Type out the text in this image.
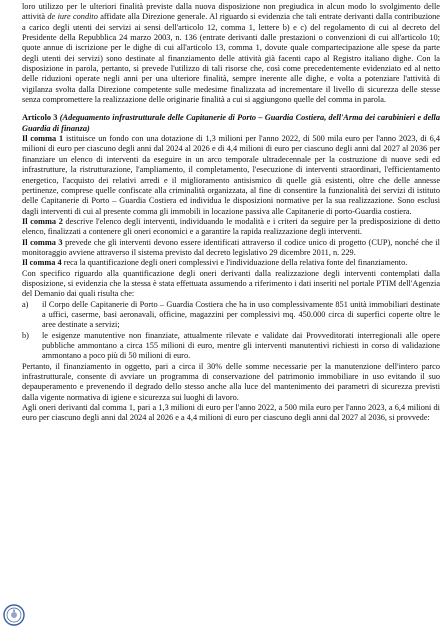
loro utilizzo per le ulteriori finalità previste dalla nuova disposizione non pregiudica in alcun modo lo svolgimento delle attività de iure condito affidate alla Direzione generale. Al riguardo si evidenzia che tali entrate derivanti dalla contribuzione a carico degli utenti dei servizi ai sensi dell'articolo 12, comma 1, lettere b) e c) del regolamento di cui al decreto del Presidente della Repubblica 24 marzo 2003, n. 136 (entrate derivanti dalle prestazioni o convenzioni di cui all'articolo 10; quote annue di iscrizione per le dighe di cui all'articolo 13, comma 1, dovute quale compartecipazione alle spese da parte degli utenti dei servizi) sono destinate al finanziamento delle attività già facenti capo al Registro italiano dighe. Con la disposizione in parola, pertanto, si prevede l'utilizzo di tali risorse che, così come precedentemente evidenziato ed al netto delle riduzioni operate negli anni per una ulteriore finalità, sempre inerente alle dighe, e volta a potenziare l'attività di vigilanza svolta dalla Direzione competente sulle medesime finalizzata ad incrementare il livello di sicurezza delle stesse senza compromettere la realizzazione delle originarie finalità a cui si aggiungono quelle del comma in parola.

Articolo 3 (Adeguamento infrastrutturale delle Capitanerie di Porto – Guardia Costiera, dell'Arma dei carabinieri e della Guardia di finanza)

Il comma 1 istituisce un fondo con una dotazione di 1,3 milioni per l'anno 2022, di 500 mila euro per l'anno 2023, di 6,4 milioni di euro per ciascuno degli anni dal 2024 al 2026 e di 4,4 milioni di euro per ciascuno degli anni dal 2027 al 2036 per finanziare un elenco di interventi da eseguire in un arco temporale ultradecennale per la costruzione di nuove sedi ed infrastrutture, la ristrutturazione, l'ampliamento, il completamento, l'esecuzione di interventi straordinari, l'efficientamento energetico, l'acquisto dei relativi arredi e il miglioramento antisismico di quelle già esistenti, oltre che delle annesse pertinenze, comprese quelle confiscate alla criminalità organizzata, al fine di consentire la funzionalità dei servizi di istituto delle Capitanerie di Porto – Guardia Costiera ed individua le disposizioni normative per la sua realizzazione. Sono esclusi dagli interventi di cui al presente comma gli immobili in locazione passiva alle Capitanerie di porto-Guardia costiera.

Il comma 2 descrive l'elenco degli interventi, individuando le modalità e i criteri da seguire per la predisposizione di detto elenco, finalizzati a contenere gli oneri economici e a garantire la rapida realizzazione degli interventi.

Il comma 3 prevede che gli interventi devono essere identificati attraverso il codice unico di progetto (CUP), nonché che il monitoraggio avviene attraverso il sistema previsto dal decreto legislativo 29 dicembre 2011, n. 229.

Il comma 4 reca la quantificazione degli oneri complessivi e l'individuazione della relativa fonte del finanziamento.

Con specifico riguardo alla quantificazione degli oneri derivanti dalla realizzazione degli interventi contemplati dalla disposizione, si evidenzia che la stessa è stata effettuata assumendo a riferimento i dati inseriti nel portale PTIM dell'Agenzia del Demanio dai quali risulta che:

a)	il Corpo delle Capitanerie di Porto – Guardia Costiera che ha in uso complessivamente 851 unità immobiliari destinate a uffici, caserme, basi aeronavali, officine, magazzini per complessivi mq. 450.000 circa di superfici coperte oltre le aree destinate a servizi;
b)	le esigenze manutentive non finanziate, attualmente rilevate e validate dai Provveditorati interregionali alle opere pubbliche ammontano a circa 155 milioni di euro, mentre gli interventi manutentivi richiesti in corso di validazione ammontano a poco più di 50 milioni di euro.

Pertanto, il finanziamento in oggetto, pari a circa il 30% delle somme necessarie per la manutenzione dell'intero parco infrastrutturale, consente di avviare un programma di conservazione del patrimonio immobiliare in uso evitando il suo depauperamento e prevenendo il degrado dello stesso anche alla luce del mantenimento dei parametri di sicurezza previsti dalla vigente normativa di igiene e sicurezza sui luoghi di lavoro.

Agli oneri derivanti dal comma 1, pari a 1,3 milioni di euro per l'anno 2022, a 500 mila euro per l'anno 2023, a 6,4 milioni di euro per ciascuno degli anni dal 2024 al 2026 e a 4,4 milioni di euro per ciascuno degli anni dal 2027 al 2036, si provvede:
